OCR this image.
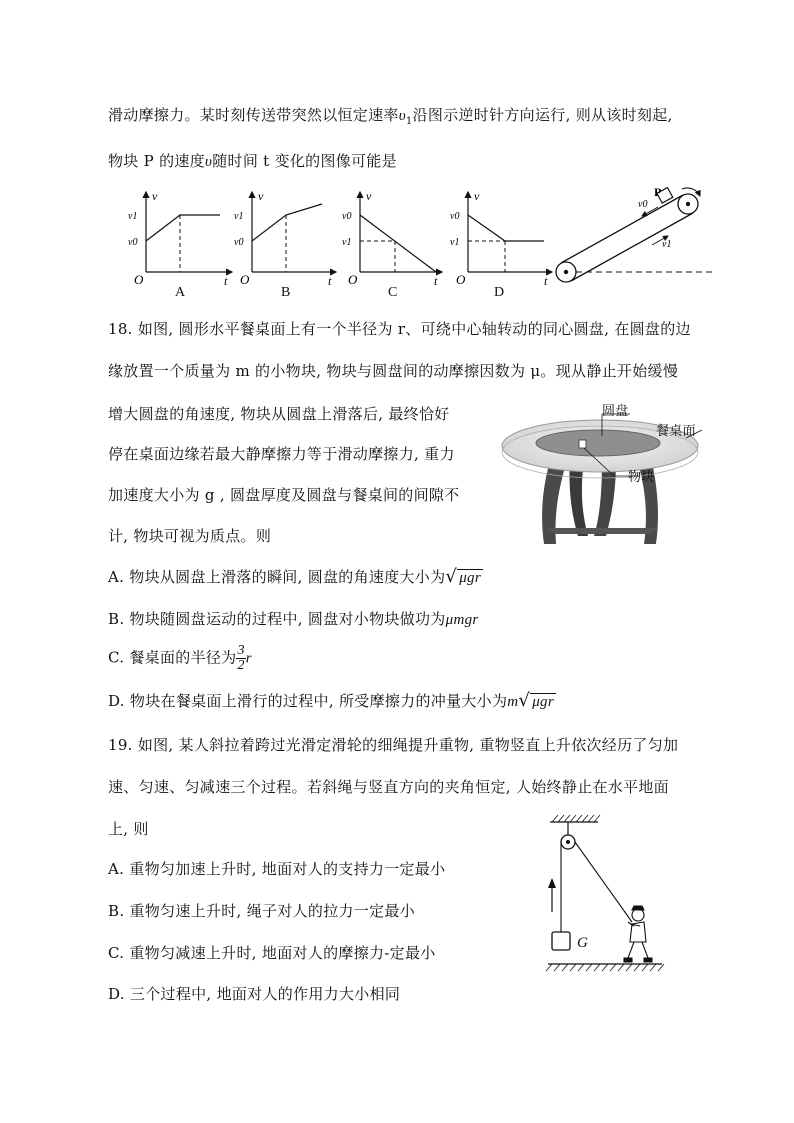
滑动摩擦力。某时刻传送带突然以恒定速率$\upsilon_1$沿图示逆时针方向运行, 则从该时刻起,
物块 P 的速度υ随时间 t 变化的图像可能是
v
t
O
v1
v0
v
t
O
v1
v0
v
t
O
v0
v1
v
t
O
v0
v1
P
v0
v1
A	B	C	D
18. 如图, 圆形水平餐桌面上有一个半径为 r、可绕中心轴转动的同心圆盘, 在圆盘的边
缘放置一个质量为 m 的小物块, 物块与圆盘间的动摩擦因数为 μ。现从静止开始缓慢
增大圆盘的角速度, 物块从圆盘上滑落后, 最终恰好
停在桌面边缘若最大静摩擦力等于滑动摩擦力, 重力
加速度大小为 g , 圆盘厚度及圆盘与餐桌间的间隙不
计, 物块可视为质点。则
A. 物块从圆盘上滑落的瞬间, 圆盘的角速度大小为√ μgr
B. 物块随圆盘运动的过程中, 圆盘对小物块做功为μmgr
C. 餐桌面的半径为 $\frac{3}{2}$ r
D. 物块在餐桌面上滑行的过程中, 所受摩擦力的冲量大小为m√ μgr
圆盘
餐桌面
物块
19. 如图, 某人斜拉着跨过光滑定滑轮的细绳提升重物, 重物竖直上升依次经历了匀加
速、匀速、匀减速三个过程。若斜绳与竖直方向的夹角恒定, 人始终静止在水平地面
上, 则
A. 重物匀加速上升时, 地面对人的支持力一定最小
B. 重物匀速上升时, 绳子对人的拉力一定最小
C. 重物匀减速上升时, 地面对人的摩擦力-定最小
D. 三个过程中, 地面对人的作用力大小相同
G
